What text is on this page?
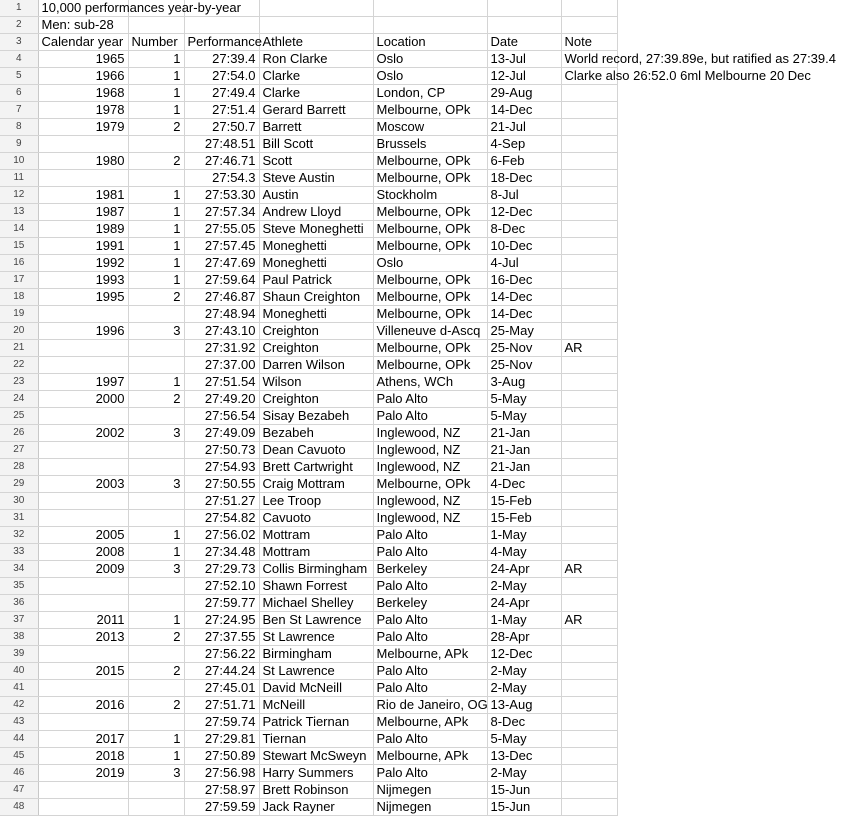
1	10,000 performances year-by-year						
2	Men: sub-28						
3	Calendar year	Number	Performance	Athlete	Location	Date	Note
4	1965	1	27:39.4	Ron Clarke	Oslo	13-Jul	World record, 27:39.89e, but ratified as 27:39.4
5	1966	1	27:54.0	Clarke	Oslo	12-Jul	Clarke also 26:52.0 6ml Melbourne 20 Dec
6	1968	1	27:49.4	Clarke	London, CP	29-Aug	
7	1978	1	27:51.4	Gerard Barrett	Melbourne, OPk	14-Dec	
8	1979	2	27:50.7	Barrett	Moscow	21-Jul	
9			27:48.51	Bill Scott	Brussels	4-Sep	
10	1980	2	27:46.71	Scott	Melbourne, OPk	6-Feb	
11			27:54.3	Steve Austin	Melbourne, OPk	18-Dec	
12	1981	1	27:53.30	Austin	Stockholm	8-Jul	
13	1987	1	27:57.34	Andrew Lloyd	Melbourne, OPk	12-Dec	
14	1989	1	27:55.05	Steve Moneghetti	Melbourne, OPk	8-Dec	
15	1991	1	27:57.45	Moneghetti	Melbourne, OPk	10-Dec	
16	1992	1	27:47.69	Moneghetti	Oslo	4-Jul	
17	1993	1	27:59.64	Paul Patrick	Melbourne, OPk	16-Dec	
18	1995	2	27:46.87	Shaun Creighton	Melbourne, OPk	14-Dec	
19			27:48.94	Moneghetti	Melbourne, OPk	14-Dec	
20	1996	3	27:43.10	Creighton	Villeneuve d-Ascq	25-May	
21			27:31.92	Creighton	Melbourne, OPk	25-Nov	AR
22			27:37.00	Darren Wilson	Melbourne, OPk	25-Nov	
23	1997	1	27:51.54	Wilson	Athens, WCh	3-Aug	
24	2000	2	27:49.20	Creighton	Palo Alto	5-May	
25			27:56.54	Sisay Bezabeh	Palo Alto	5-May	
26	2002	3	27:49.09	Bezabeh	Inglewood, NZ	21-Jan	
27			27:50.73	Dean Cavuoto	Inglewood, NZ	21-Jan	
28			27:54.93	Brett Cartwright	Inglewood, NZ	21-Jan	
29	2003	3	27:50.55	Craig Mottram	Melbourne, OPk	4-Dec	
30			27:51.27	Lee Troop	Inglewood, NZ	15-Feb	
31			27:54.82	Cavuoto	Inglewood, NZ	15-Feb	
32	2005	1	27:56.02	Mottram	Palo Alto	1-May	
33	2008	1	27:34.48	Mottram	Palo Alto	4-May	
34	2009	3	27:29.73	Collis Birmingham	Berkeley	24-Apr	AR
35			27:52.10	Shawn Forrest	Palo Alto	2-May	
36			27:59.77	Michael Shelley	Berkeley	24-Apr	
37	2011	1	27:24.95	Ben St Lawrence	Palo Alto	1-May	AR
38	2013	2	27:37.55	St Lawrence	Palo Alto	28-Apr	
39			27:56.22	Birmingham	Melbourne, APk	12-Dec	
40	2015	2	27:44.24	St Lawrence	Palo Alto	2-May	
41			27:45.01	David McNeill	Palo Alto	2-May	
42	2016	2	27:51.71	McNeill	Rio de Janeiro, OG	13-Aug	
43			27:59.74	Patrick Tiernan	Melbourne, APk	8-Dec	
44	2017	1	27:29.81	Tiernan	Palo Alto	5-May	
45	2018	1	27:50.89	Stewart McSweyn	Melbourne, APk	13-Dec	
46	2019	3	27:56.98	Harry Summers	Palo Alto	2-May	
47			27:58.97	Brett Robinson	Nijmegen	15-Jun	
48			27:59.59	Jack Rayner	Nijmegen	15-Jun	
